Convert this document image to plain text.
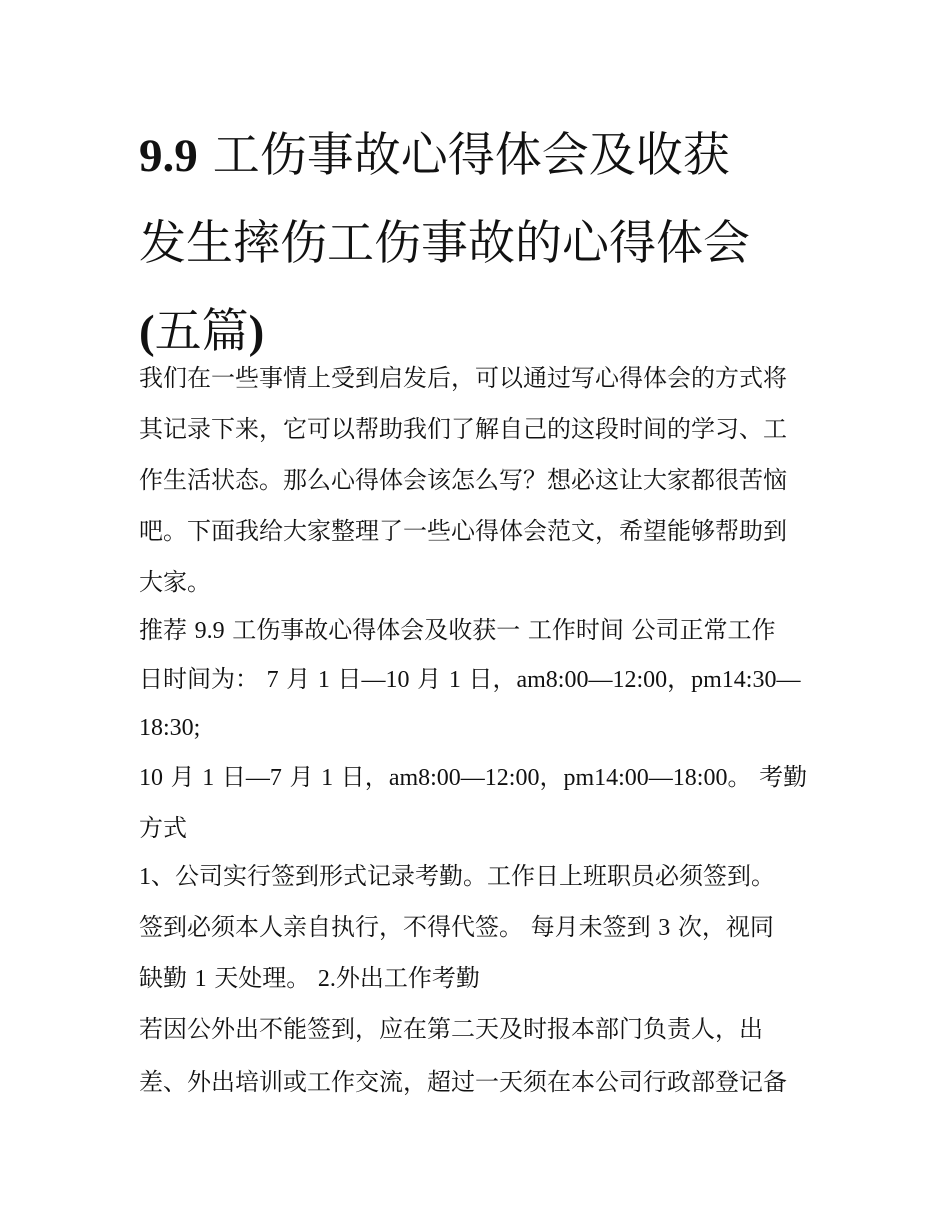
9.9 工伤事故心得体会及收获
发生摔伤工伤事故的心得体会
(五篇)
我们在一些事情上受到启发后，可以通过写心得体会的方式将
其记录下来，它可以帮助我们了解自己的这段时间的学习、工
作生活状态。那么心得体会该怎么写？想必这让大家都很苦恼
吧。下面我给大家整理了一些心得体会范文，希望能够帮助到
大家。
推荐 9.9 工伤事故心得体会及收获一 工作时间 公司正常工作
日时间为： 7 月 1 日—10 月 1 日，am8:00—12:00，pm14:30—
18:30;
10 月 1 日—7 月 1 日，am8:00—12:00，pm14:00—18:00。 考勤
方式
1、公司实行签到形式记录考勤。工作日上班职员必须签到。
签到必须本人亲自执行，不得代签。 每月未签到 3 次，视同
缺勤 1 天处理。 2.外出工作考勤
若因公外出不能签到，应在第二天及时报本部门负责人，出
差、外出培训或工作交流，超过一天须在本公司行政部登记备
